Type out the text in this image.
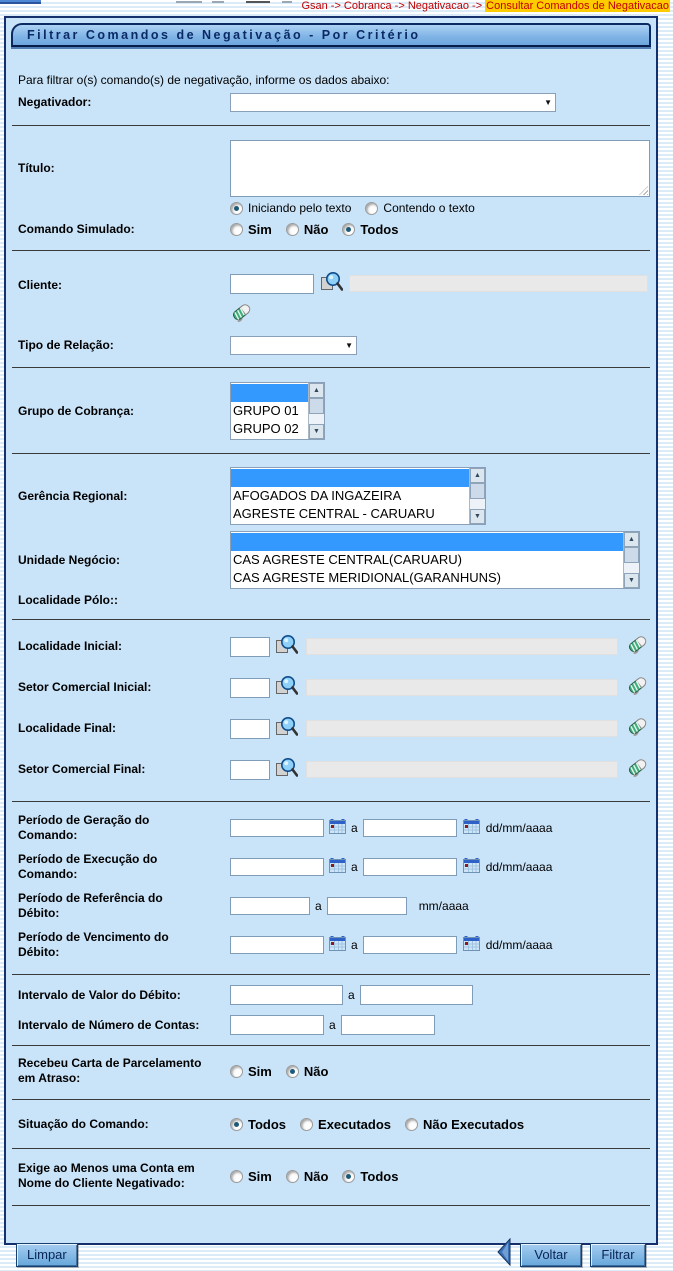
Gsan -> Cobranca -> Negativacao -> Consultar Comandos de Negativacao
Filtrar Comandos de Negativação - Por Critério
Para filtrar o(s) comando(s) de negativação, informe os dados abaixo:
Negativador:	▼
Título:
Iniciando pelo texto	Contendo o texto
Comando Simulado:	Sim Não Todos
Cliente:
Tipo de Relação:	▼
Grupo de Cobrança:	GRUPO 01
GRUPO 02
▲
▼
Gerência Regional:	AFOGADOS DA INGAZEIRA
AGRESTE CENTRAL - CARUARU
▲
▼
Unidade Negócio:	CAS AGRESTE CENTRAL(CARUARU)
CAS AGRESTE MERIDIONAL(GARANHUNS)
▲
▼
Localidade Pólo::
Localidade Inicial:
Setor Comercial Inicial:
Localidade Final:
Setor Comercial Final:
Período de Geração do Comando:	a	dd/mm/aaaa
Período de Execução do Comando:	a	dd/mm/aaaa
Período de Referência do Débito:	a	mm/aaaa
Período de Vencimento do Débito:	a	dd/mm/aaaa
Intervalo de Valor do Débito:	a
Intervalo de Número de Contas:	a
Recebeu Carta de Parcelamento em Atraso:	Sim Não
Situação do Comando:	Todos Executados Não Executados
Exige ao Menos uma Conta em Nome do Cliente Negativado:	Sim Não Todos
Limpar	Voltar	Filtrar
